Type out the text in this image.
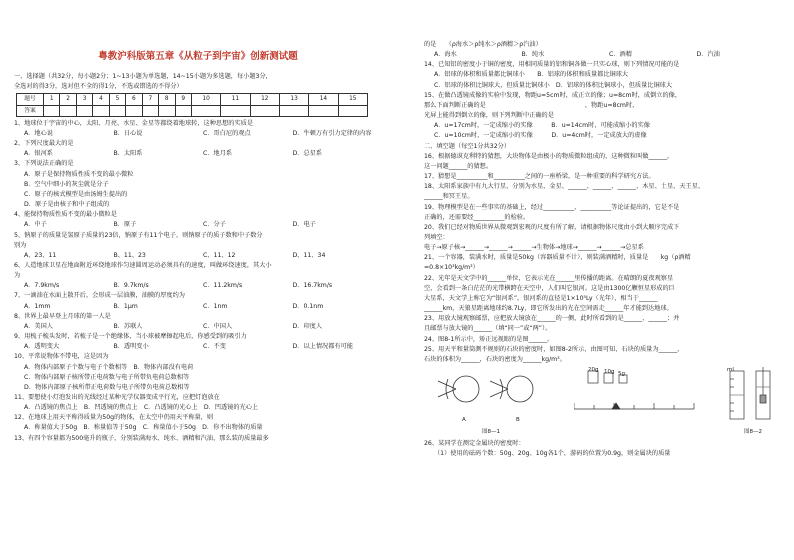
粤教沪科版第五章《从粒子到宇宙》创新测试题
一、选择题（共32分，每小题2分；1~13小题为单选题，14~15小题为多选题，每小题3分，
全选对的得3分，选对但不全的得1分，不选或错选的不得分）
题号	1	2	3	4	5	6	7	8	9	10	11	12	13	14	15
答案															
1、地球位于宇宙的中心，太阳、月亮、水星、金星等都绕着地球转，这种思想的实质是
A．地心说	B．日心说	C．哥白尼的观点	D．牛顿万有引力定律的内容
2、下列尺度最大的是
A．银河系	B．太阳系	C．地月系	D．总星系
3、下列说法正确的是
A．原子是保持物质性质不变的最小微粒
B．空气中细小的灰尘就是分子
C．原子的核式模型是由汤姆生提出的
D．原子是由核子和中子组成的
4、能保持物质性质不变的最小微粒是
A．中子	B．原子	C．分子	D．电子
5、钠原子的质量是氢原子质量的23倍，钠原子有11个电子，则钠原子的质子数和中子数分
别为
A、23、11	B、11、23	C、11、12	D、11、34
6、人造地球卫星在地面附近环绕地球作匀速圆周运动必须具有的速度，叫做环绕速度，其大小
为
A．7.9km/s	B．9.7km/s	C．11.2km/s	D．16.7km/s
7、一滴油在水面上散开后，会形成一层油膜，油膜的厚度约为
A．1mm	B．1μm	C．1nm	D．0.1nm
8、世界上最早登上月球的第一人是
A．美国人	B．苏联人	C．中国人	D．印度人
9、用梳子梳头发时，若梳子是一个绝缘体，当小球被摩擦起电后，你感受到的吸引力
A．透明变大	B．透明变小	C．不变	D．以上情况都有可能
10、平常说物体不带电，这是因为
A．物体内部原子个数与电子个数相等　B．物体内部没有电荷
C．物体内部原子核所带正电荷数与电子所带负电荷总数相等
D．物体内部原子核所带正电荷数与电子所带负电荷总数相等
11、要想使小灯泡发出的光线经过某种光学仪器变成平行光，应把灯泡放在
A．凸透镜的焦点上　B．凹透镜的焦点上　C．凸透镜的光心上　D．凹透镜的光心上
12、在地球上用天平称得质量为50g的物体，在太空中仍用天平称量，则
A．称量值大于50g　B．称量值等于50g　C．称量值小于50g　D．你不出物体的质量
13、有四个容量都为500毫升的瓶子，分别装满海水、纯水、酒精和汽油，那么装的质量最多
的是　　（ρ海水＞ρ纯水＞ρ酒精＞ρ汽油）
A．海水	B．纯水	C．酒精	D．汽油
14、已知铝的密度小于铜的密度，用相同质量的铝和铜各做一只实心球，则下列情况可能的是
A．铝球的体积和质量都比铜球小　　B．铝球的体积和质量都比铜球大
C．铝球的体积比铜球大，但质量比铜球小　D．铝球的体积比铜球小，但质量比铜球大
15、在做凸透镜成像的实验中发现，物距u=5cm时，成正立的像；u=8cm时，成倒立的像，
那么下面判断正确的是　　　　　　　　　　　　　　　　，物距u=8cm时，
光屏上能得到倒立的像，则下列判断中正确的是
A．u=17cm时，一定成缩小的实像　　　B．u=14cm时，可能成缩小的实像
C．u=10cm时，一定成缩小的实像　　　D．u=4cm时，一定成放大的虚像
二、填空题（每空1分共32分）
16、根据德谟克利特的猜想，大块物体是由极小的物质微粒组成的，这种微粒叫做______，
这一问题______的猜想。
17、猜想是__________和__________之间的一座桥梁，是一种重要的科学研究方法。
18、太阳系家族中有九大行星，分别为水星、金星、______、______、______、木星、土星、天王星、
______和冥王星。
19、物理模型是在一些事实的基础上，经过__________、__________等论证提出的，它是不是
正确的，还需要经__________的检验。
20、我们已经对物质世界从微观到宏观的尺度有所了解，请根据物体尺度由小到大顺序完成下
列填空：
电子→原子核→______→______→______→生物体→地球→______→______→总星系
21、一个容器，装满水时，质量是50kg（容器质量不计），则装满酒精时，质量是　　kg（ρ酒精
=0.8×10³kg/m³）
22、光年是天文学中的______单位，它表示光在______里传播的距离。在晴朗的夏夜观察星
空，会看到一条白茫茫的光带横跨在天空中，人们叫它银河。这是由1300亿颗恒星形成的巨
大星系，天文学上称它为“银河系”。银河系的直径是1×10⁵Ly（光年），相当于______
______km，天狼星距离地球约8.7Ly，即它所发出的光在空间需走______年才能到达地球。
23、用放大镜观察邮票，应把放大镜放在______的一侧，此时所看到的是______、______；并
且邮票与放大镜的______（填“同一”或“两”）。
24、图8-1所示中，矫正远视眼的是图______。
25、用天平和量筒测不规则的石块的密度时，如图8-2所示，由图可知，石块的质量为______，
石块的体积为______，石块的密度为______kg/m³。
A	B
图8—1
20g 10g 5g
ml
图8—2
26、某同学在测定金属块的密度时：
（1）使用的砝码个数：50g、20g、10g各1个，游码的位置为0.9g，则金属块的质量
